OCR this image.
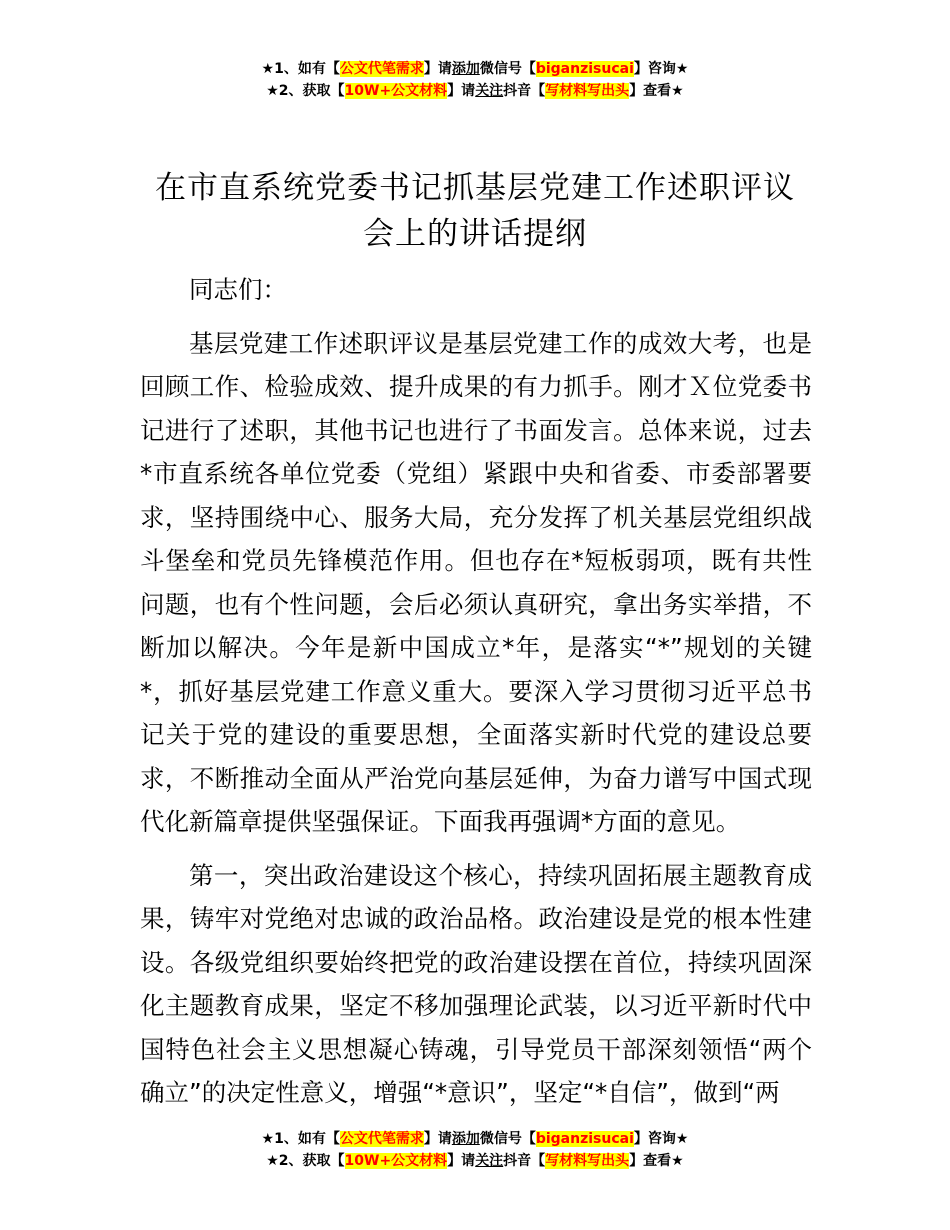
★1、如有【公文代笔需求】请添加微信号【biganzisucai】咨询★
★2、获取【10W+公文材料】请关注抖音【写材料写出头】查看★
在市直系统党委书记抓基层党建工作述职评议
会上的讲话提纲

同志们：

基层党建工作述职评议是基层党建工作的成效大考，也是回顾工作、检验成效、提升成果的有力抓手。刚才Ｘ位党委书记进行了述职，其他书记也进行了书面发言。总体来说，过去*市直系统各单位党委（党组）紧跟中央和省委、市委部署要求，坚持围绕中心、服务大局，充分发挥了机关基层党组织战斗堡垒和党员先锋模范作用。但也存在*短板弱项，既有共性问题，也有个性问题，会后必须认真研究，拿出务实举措，不断加以解决。今年是新中国成立*年，是落实“*”规划的关键*，抓好基层党建工作意义重大。要深入学习贯彻习近平总书记关于党的建设的重要思想，全面落实新时代党的建设总要求，不断推动全面从严治党向基层延伸，为奋力谱写中国式现代化新篇章提供坚强保证。下面我再强调*方面的意见。

第一，突出政治建设这个核心，持续巩固拓展主题教育成果，铸牢对党绝对忠诚的政治品格。政治建设是党的根本性建设。各级党组织要始终把党的政治建设摆在首位，持续巩固深化主题教育成果，坚定不移加强理论武装，以习近平新时代中国特色社会主义思想凝心铸魂，引导党员干部深刻领悟“两个确立”的决定性意义，增强“*意识”，坚定“*自信”，做到“两

★1、如有【公文代笔需求】请添加微信号【biganzisucai】咨询★
★2、获取【10W+公文材料】请关注抖音【写材料写出头】查看★
